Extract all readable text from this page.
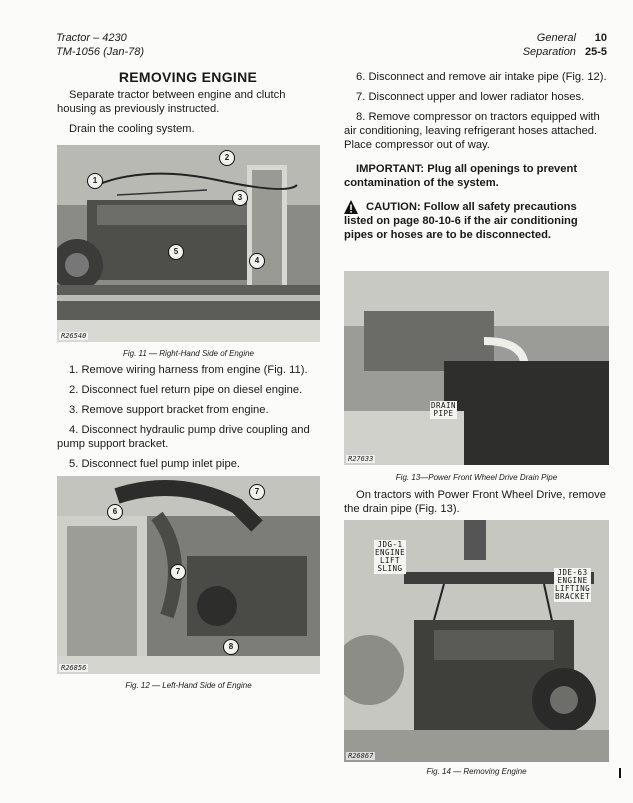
Tractor – 4230
TM-1056 (Jan-78)
General 10
Separation 25-5

REMOVING ENGINE

Separate tractor between engine and clutch housing as previously instructed.

Drain the cooling system.

1
2
3
4
5
R26540
Fig. 11 — Right-Hand Side of Engine

1. Remove wiring harness from engine (Fig. 11).

2. Disconnect fuel return pipe on diesel engine.

3. Remove support bracket from engine.

4. Disconnect hydraulic pump drive coupling and pump support bracket.

5. Disconnect fuel pump inlet pipe.

6
7
7
8
R26856
Fig. 12 — Left-Hand Side of Engine

6. Disconnect and remove air intake pipe (Fig. 12).

7. Disconnect upper and lower radiator hoses.

8. Remove compressor on tractors equipped with air conditioning, leaving refrigerant hoses attached. Place compressor out of way.

IMPORTANT: Plug all openings to prevent contamination of the system.

CAUTION: Follow all safety precautions listed on page 80-10-6 if the air conditioning pipes or hoses are to be disconnected.

DRAIN
PIPE
R27633
Fig. 13—Power Front Wheel Drive Drain Pipe

On tractors with Power Front Wheel Drive, remove the drain pipe (Fig. 13).

JDG-1
ENGINE
LIFT
SLING	JDE-63
ENGINE
LIFTING
BRACKET
R26867
Fig. 14 — Removing Engine
